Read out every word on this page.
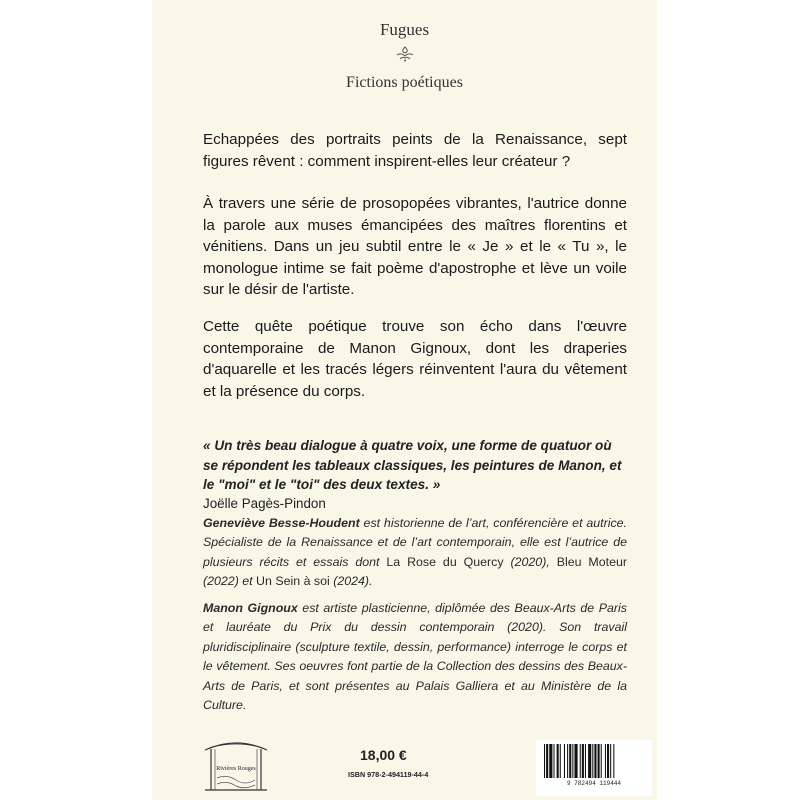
Fugues
Fictions poétiques

Echappées des portraits peints de la Renaissance, sept figures rêvent : comment inspirent-elles leur créateur ?

À travers une série de prosopopées vibrantes, l'autrice donne la parole aux muses émancipées des maîtres florentins et vénitiens. Dans un jeu subtil entre le « Je » et le « Tu », le monologue intime se fait poème d'apostrophe et lève un voile sur le désir de l'artiste.

Cette quête poétique trouve son écho dans l'œuvre contemporaine de Manon Gignoux, dont les draperies d'aquarelle et les tracés légers réinventent l'aura du vêtement et la présence du corps.

« Un très beau dialogue à quatre voix, une forme de quatuor où se répondent les tableaux classiques, les peintures de Manon, et le "moi" et le "toi" des deux textes. »

Joëlle Pagès-Pindon

Geneviève Besse-Houdent est historienne de l’art, conférencière et autrice. Spécialiste de la Renaissance et de l’art contemporain, elle est l’autrice de plusieurs récits et essais dont La Rose du Quercy (2020), Bleu Moteur (2022) et Un Sein à soi (2024).

Manon Gignoux est artiste plasticienne, diplômée des Beaux-Arts de Paris et lauréate du Prix du dessin contemporain (2020). Son travail pluridisciplinaire (sculpture textile, dessin, performance) interroge le corps et le vêtement. Ses oeuvres font partie de la Collection des dessins des Beaux-Arts de Paris, et sont présentes au Palais Galliera et au Ministère de la Culture.

Rivières Rouges
18,00 €
ISBN 978-2-494119-44-4
9 782494 119444
